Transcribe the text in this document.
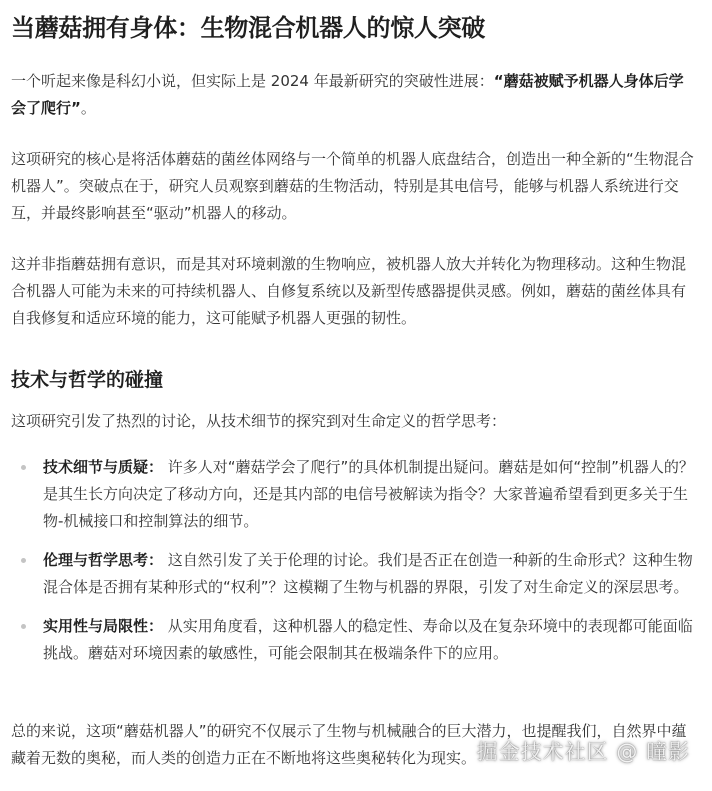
当蘑菇拥有身体：生物混合机器人的惊人突破

一个听起来像是科幻小说，但实际上是 2024 年最新研究的突破性进展：“蘑菇被赋予机器人身体后学会了爬行”。

这项研究的核心是将活体蘑菇的菌丝体网络与一个简单的机器人底盘结合，创造出一种全新的“生物混合机器人”。突破点在于，研究人员观察到蘑菇的生物活动，特别是其电信号，能够与机器人系统进行交互，并最终影响甚至“驱动”机器人的移动。

这并非指蘑菇拥有意识，而是其对环境刺激的生物响应，被机器人放大并转化为物理移动。这种生物混合机器人可能为未来的可持续机器人、自修复系统以及新型传感器提供灵感。例如，蘑菇的菌丝体具有自我修复和适应环境的能力，这可能赋予机器人更强的韧性。

技术与哲学的碰撞

这项研究引发了热烈的讨论，从技术细节的探究到对生命定义的哲学思考：

技术细节与质疑： 许多人对“蘑菇学会了爬行”的具体机制提出疑问。蘑菇是如何“控制”机器人的？是其生长方向决定了移动方向，还是其内部的电信号被解读为指令？大家普遍希望看到更多关于生物-机械接口和控制算法的细节。
伦理与哲学思考： 这自然引发了关于伦理的讨论。我们是否正在创造一种新的生命形式？这种生物混合体是否拥有某种形式的“权利”？这模糊了生物与机器的界限，引发了对生命定义的深层思考。
实用性与局限性： 从实用角度看，这种机器人的稳定性、寿命以及在复杂环境中的表现都可能面临挑战。蘑菇对环境因素的敏感性，可能会限制其在极端条件下的应用。

总的来说，这项“蘑菇机器人”的研究不仅展示了生物与机械融合的巨大潜力，也提醒我们，自然界中蕴藏着无数的奥秘，而人类的创造力正在不断地将这些奥秘转化为现实。 掘金技术社区 @ 曈影
